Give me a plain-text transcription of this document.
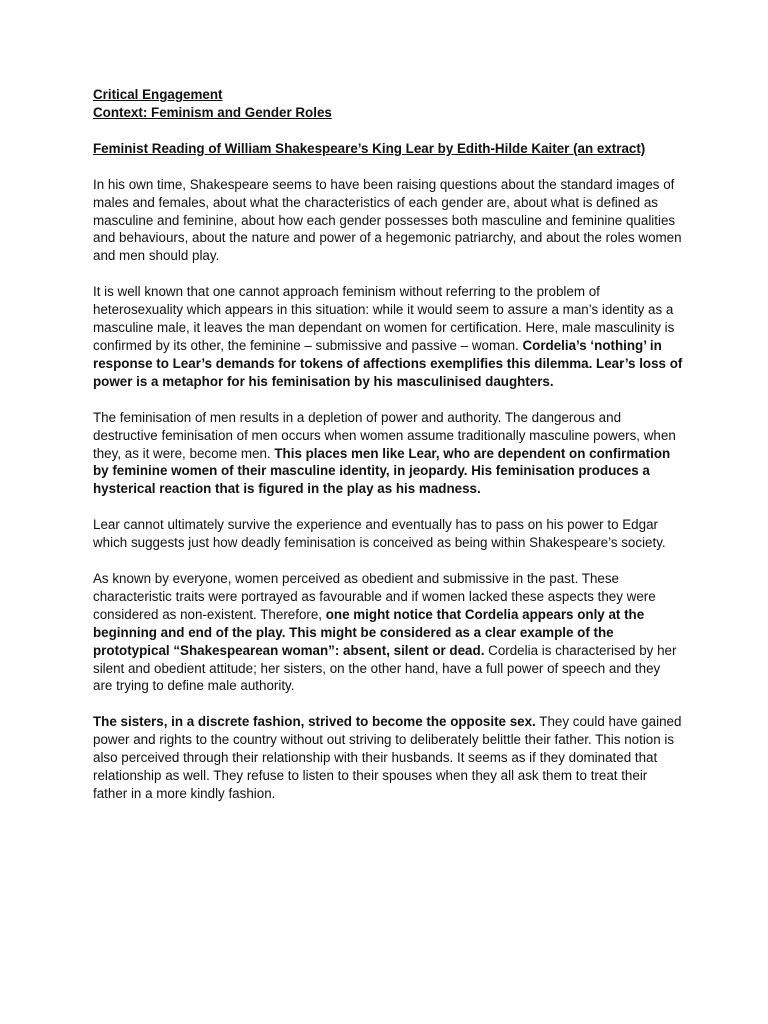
Critical Engagement

Context: Feminism and Gender Roles

Feminist Reading of William Shakespeare’s King Lear by Edith-Hilde Kaiter (an extract)

In his own time, Shakespeare seems to have been raising questions about the standard images of males and females, about what the characteristics of each gender are, about what is defined as masculine and feminine, about how each gender possesses both masculine and feminine qualities and behaviours, about the nature and power of a hegemonic patriarchy, and about the roles women and men should play.

It is well known that one cannot approach feminism without referring to the problem of heterosexuality which appears in this situation: while it would seem to assure a man’s identity as a masculine male, it leaves the man dependant on women for certification. Here, male masculinity is confirmed by its other, the feminine – submissive and passive – woman. Cordelia’s ‘nothing’ in response to Lear’s demands for tokens of affections exemplifies this dilemma. Lear’s loss of power is a metaphor for his feminisation by his masculinised daughters.

The feminisation of men results in a depletion of power and authority. The dangerous and destructive feminisation of men occurs when women assume traditionally masculine powers, when they, as it were, become men. This places men like Lear, who are dependent on confirmation by feminine women of their masculine identity, in jeopardy. His feminisation produces a hysterical reaction that is figured in the play as his madness.

Lear cannot ultimately survive the experience and eventually has to pass on his power to Edgar which suggests just how deadly feminisation is conceived as being within Shakespeare’s society.

As known by everyone, women perceived as obedient and submissive in the past. These characteristic traits were portrayed as favourable and if women lacked these aspects they were considered as non-existent. Therefore, one might notice that Cordelia appears only at the beginning and end of the play. This might be considered as a clear example of the prototypical “Shakespearean woman”: absent, silent or dead. Cordelia is characterised by her silent and obedient attitude; her sisters, on the other hand, have a full power of speech and they are trying to define male authority.

The sisters, in a discrete fashion, strived to become the opposite sex. They could have gained power and rights to the country without out striving to deliberately belittle their father. This notion is also perceived through their relationship with their husbands. It seems as if they dominated that relationship as well. They refuse to listen to their spouses when they all ask them to treat their father in a more kindly fashion.
